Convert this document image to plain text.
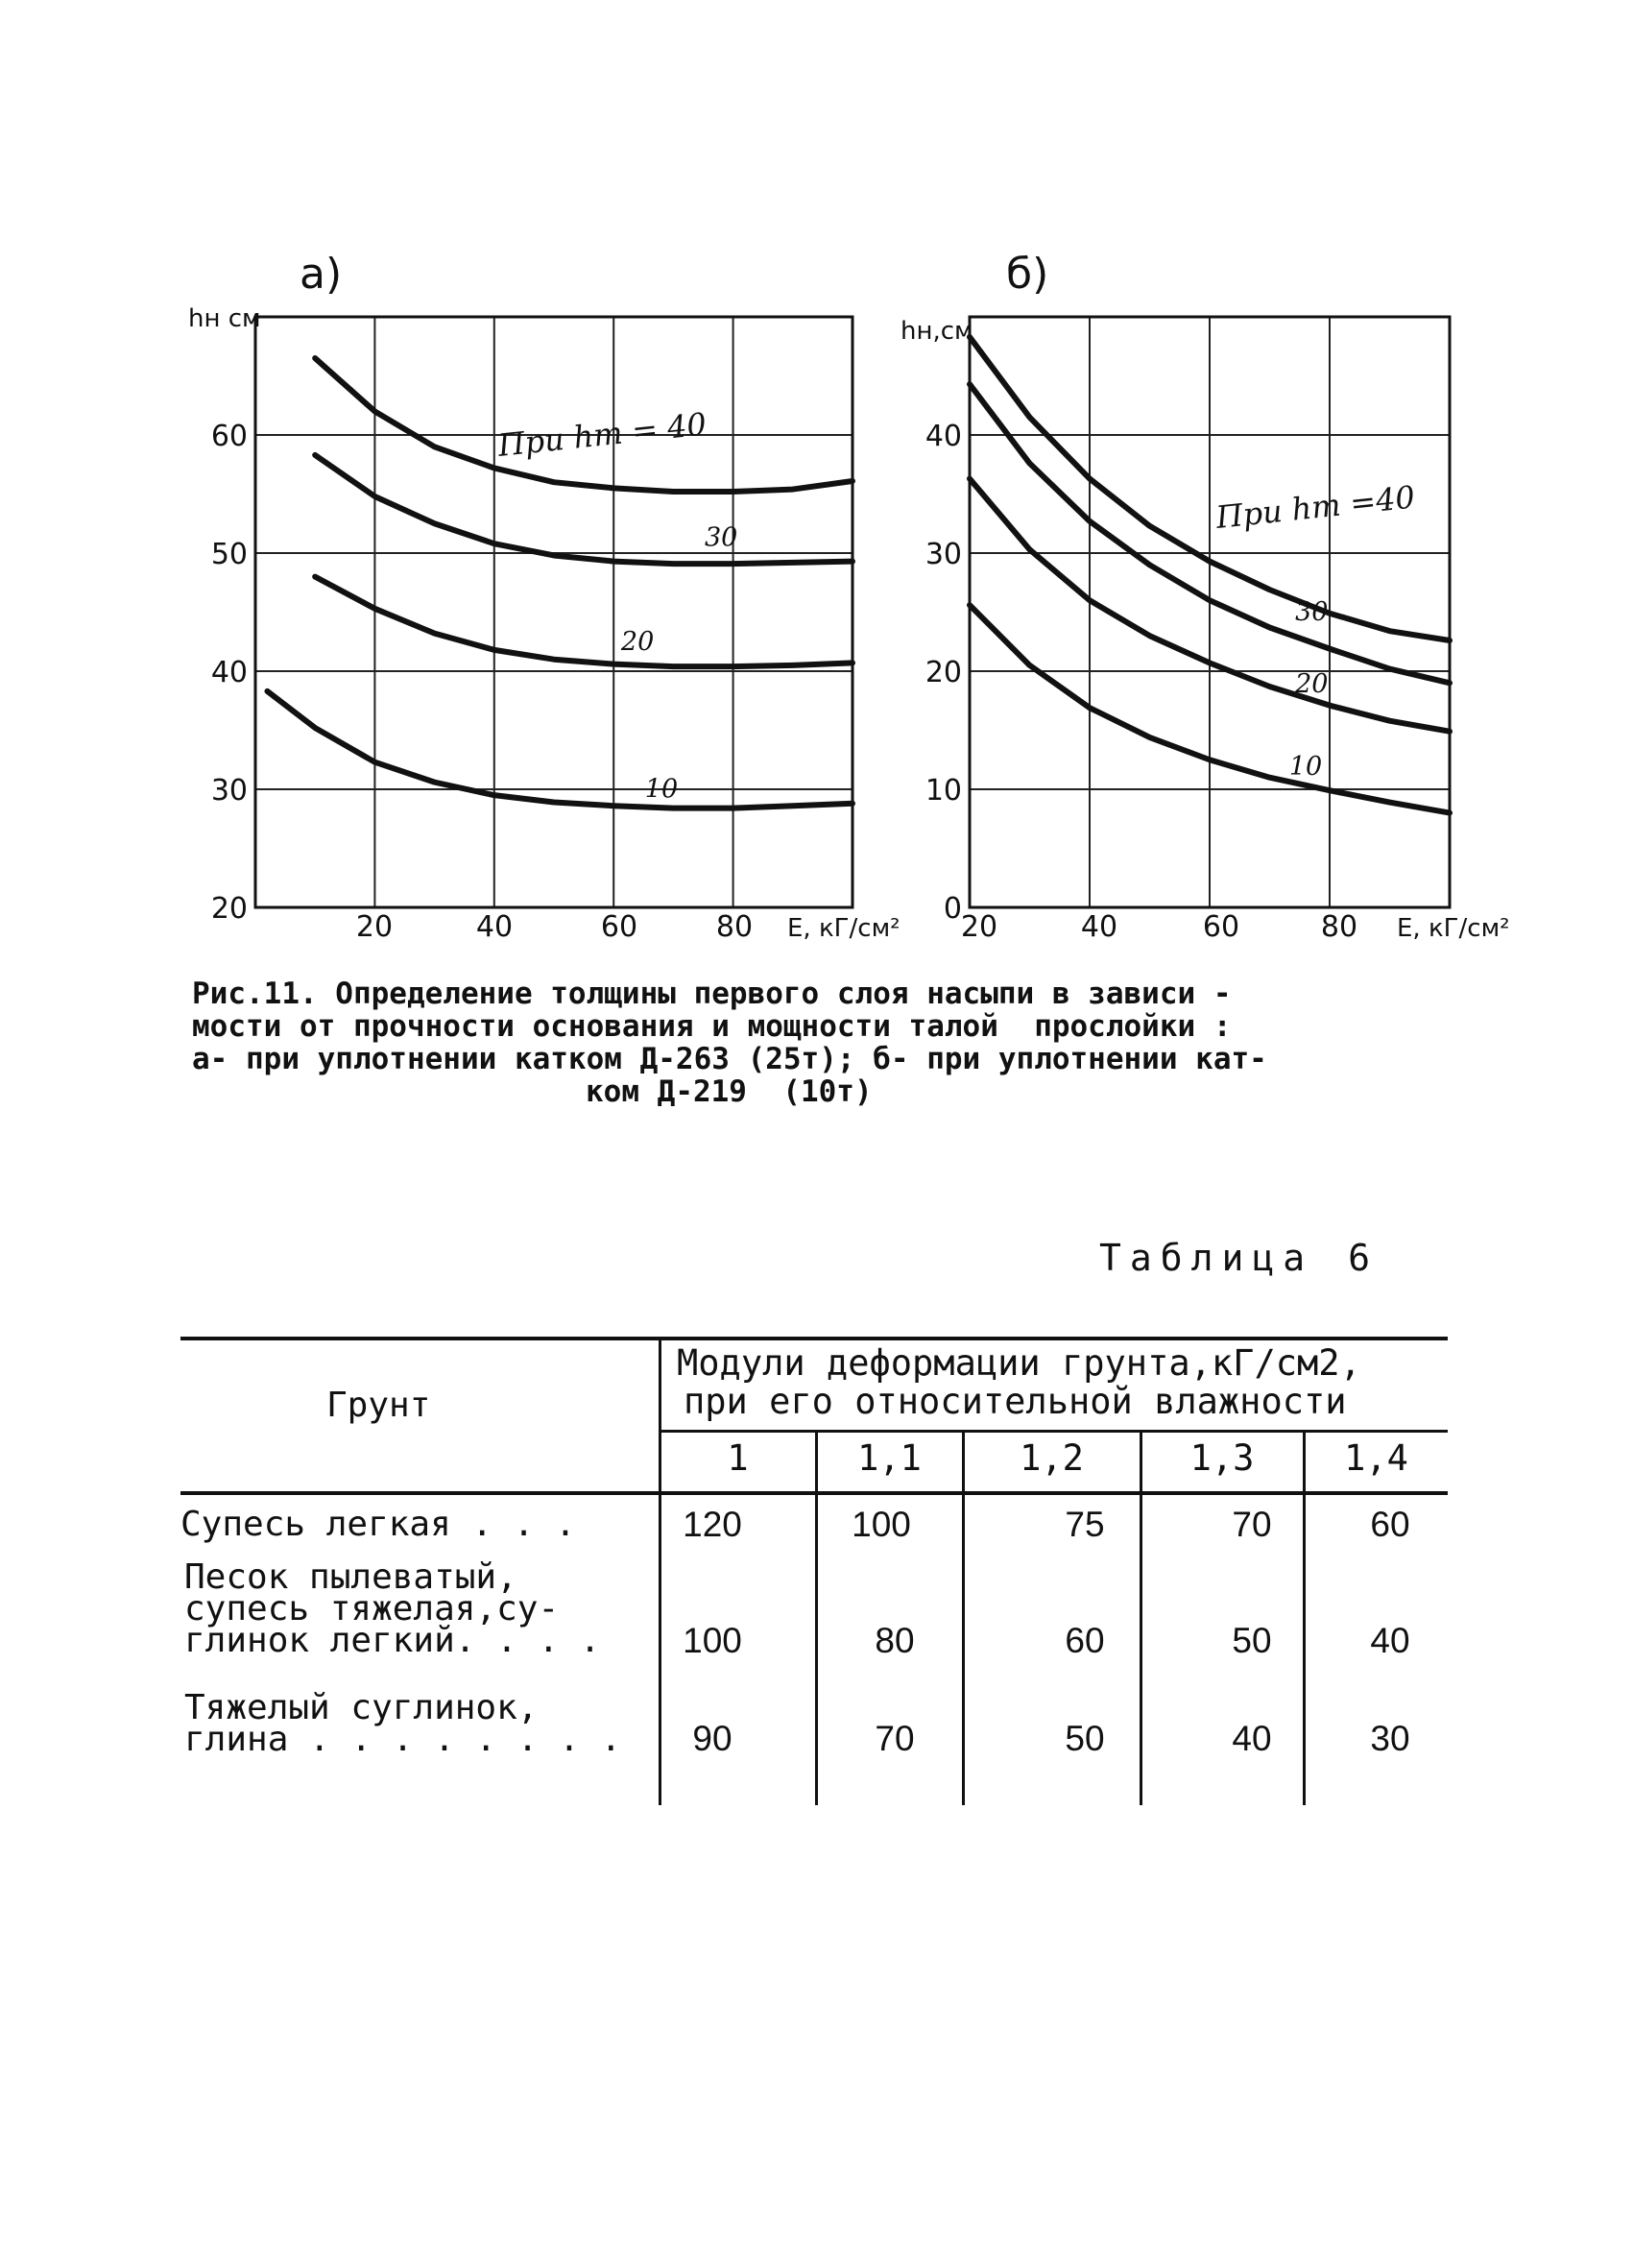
а)
20
30
40
50
60
20	40	60	80
hн см
E, кГ/см²
При hт = 40
30
20
10
б)
0
10
20
30
40
20	40	60	80
hн,см
E, кГ/см²
При hт =40
30
20
10
Рис.11. Определение толщины первого слоя насыпи в зависи -
мости от прочности основания и мощности талой  прослойки :
а- при уплотнении катком Д-263 (25т); б- при уплотнении кат-
ком Д-219  (10т)
Таблица 6
Грунт
Модули деформации грунта,кГ/см2,
при его относительной влажности
1	1,1	1,2	1,3	1,4
Супесь легкая . . .	120	100	75	70	60
Песок пылеватый,
супесь тяжелая,су-
глинок легкий. . . . 100	80	60	50	40
Тяжелый суглинок,
глина . . . . . . . .	90	70	50	40	30
